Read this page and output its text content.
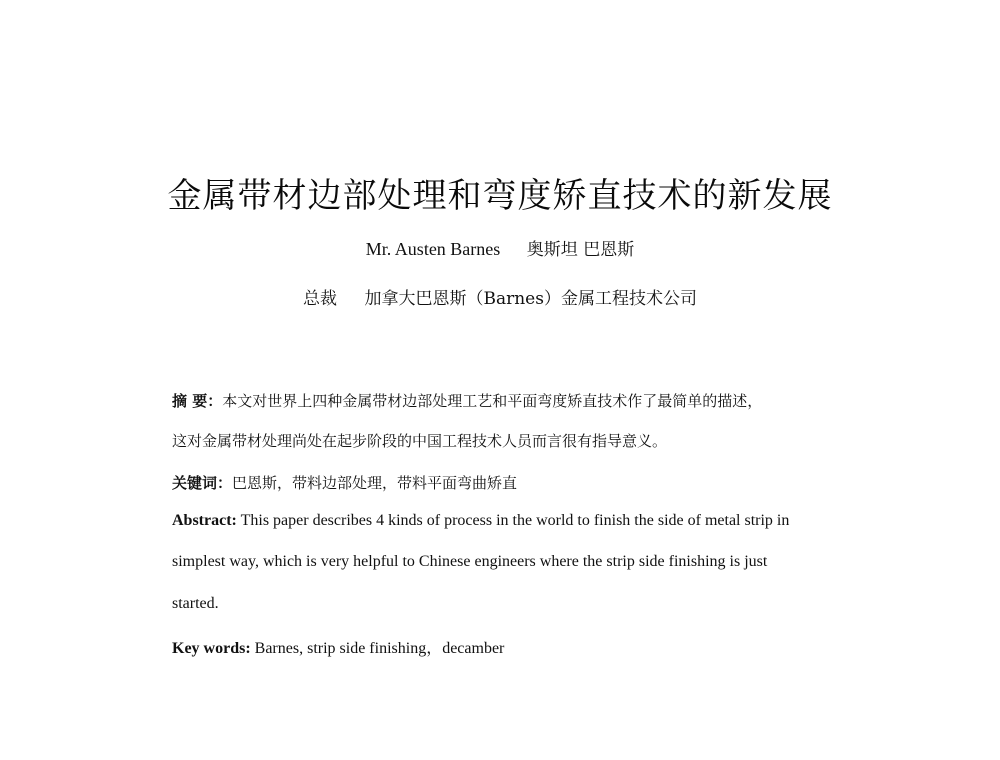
金属带材边部处理和弯度矫直技术的新发展
Mr. Austen Barnes 奥斯坦 巴恩斯
总裁 加拿大巴恩斯（Barnes）金属工程技术公司
摘 要：本文对世界上四种金属带材边部处理工艺和平面弯度矫直技术作了最简单的描述，
这对金属带材处理尚处在起步阶段的中国工程技术人员而言很有指导意义。
关键词：巴恩斯，带料边部处理，带料平面弯曲矫直
Abstract: This paper describes 4 kinds of process in the world to finish the side of metal strip in
simplest way, which is very helpful to Chinese engineers where the strip side finishing is just
started.
Key words: Barnes, strip side finishing，decamber
